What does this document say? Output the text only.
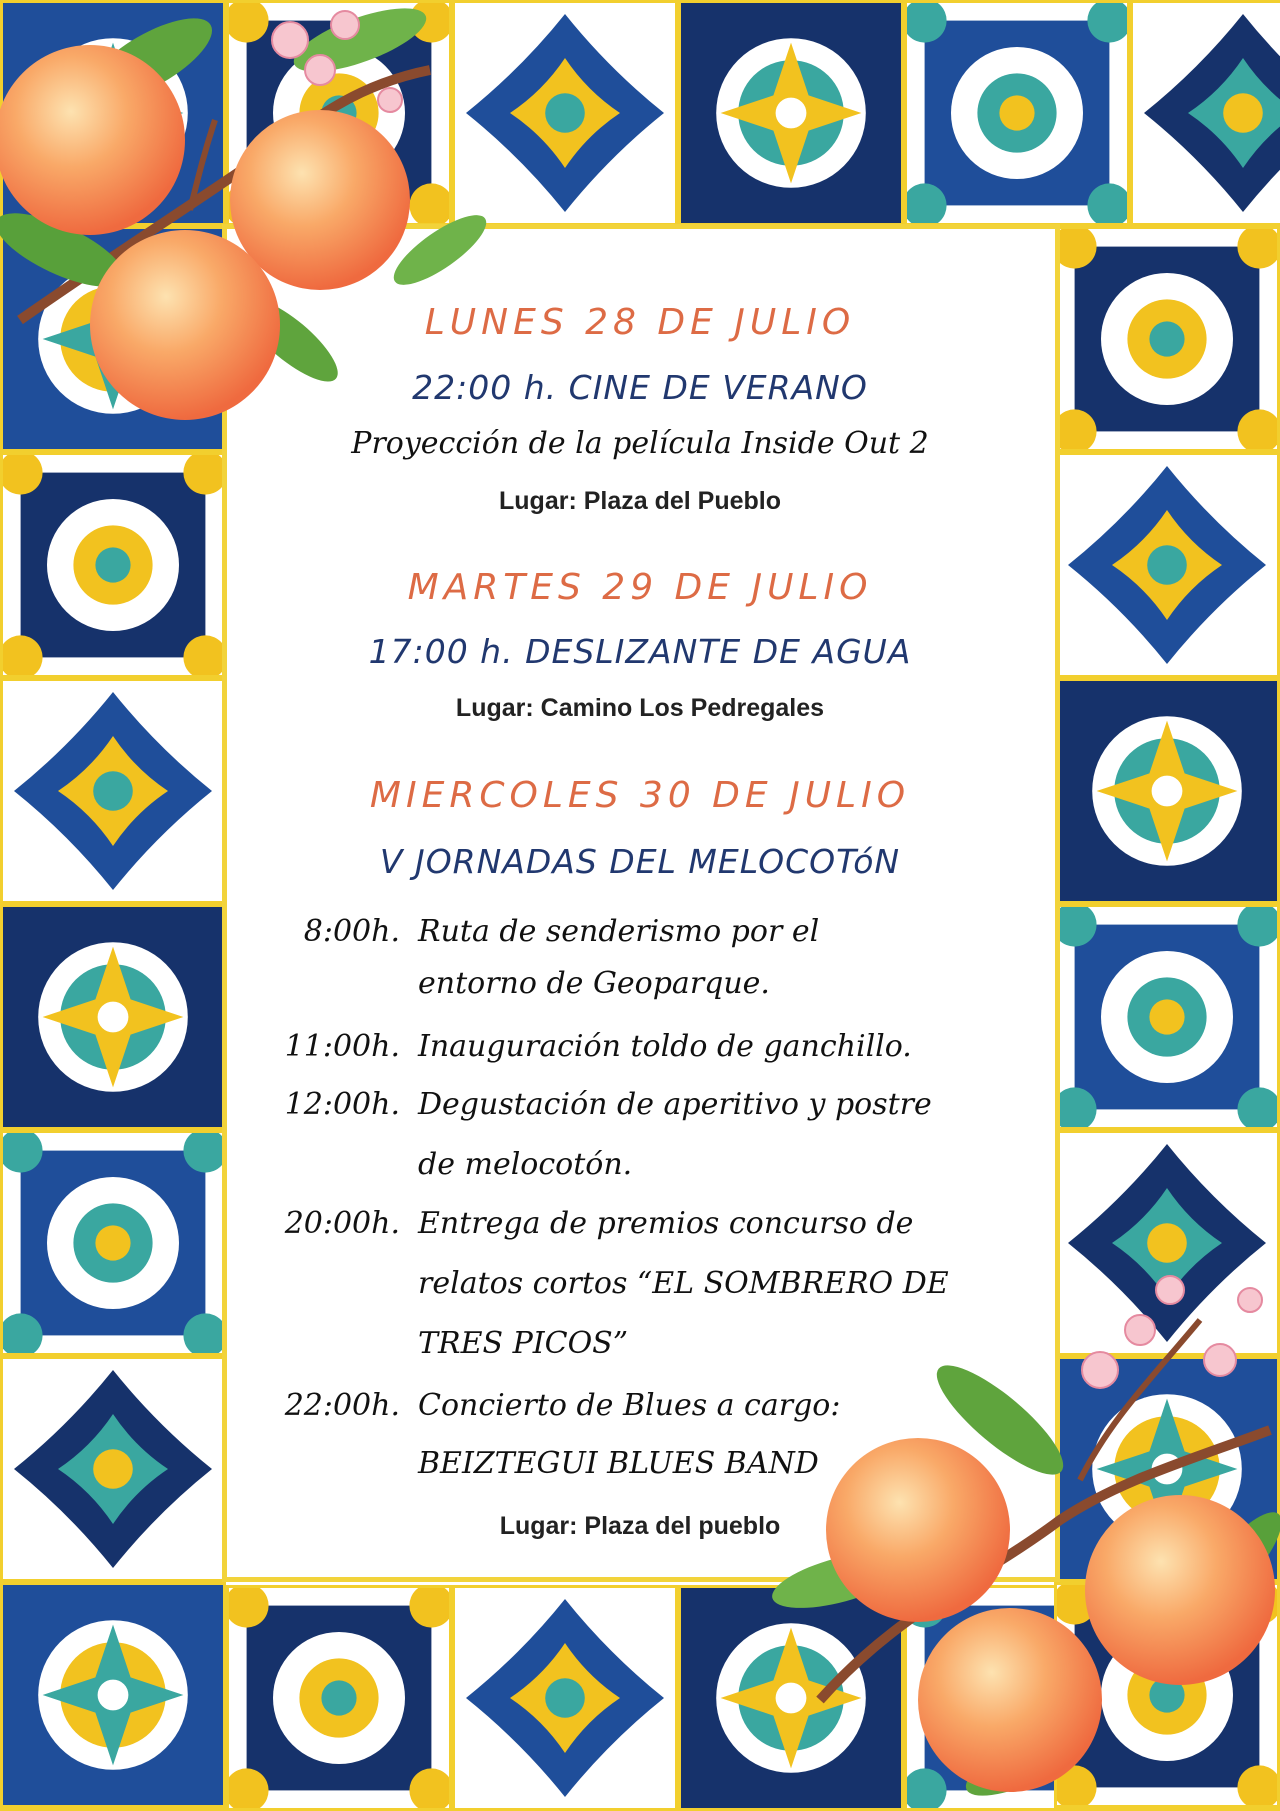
LUNES 28 DE JULIO

22:00 h. CINE DE VERANO

Proyección de la película Inside Out 2

Lugar: Plaza del Pueblo

MARTES 29 DE JULIO

17:00 h. DESLIZANTE DE AGUA

Lugar: Camino Los Pedregales

MIERCOLES 30 DE JULIO

V JORNADAS DEL MELOCOTóN

8:00h. Ruta de senderismo por el
entorno de Geoparque.
11:00h. Inauguración toldo de ganchillo.
12:00h. Degustación de aperitivo y postre
de melocotón.
20:00h. Entrega de premios concurso de
relatos cortos “EL SOMBRERO DE
TRES PICOS”
22:00h. Concierto de Blues a cargo:
BEIZTEGUI BLUES BAND

Lugar: Plaza del pueblo
